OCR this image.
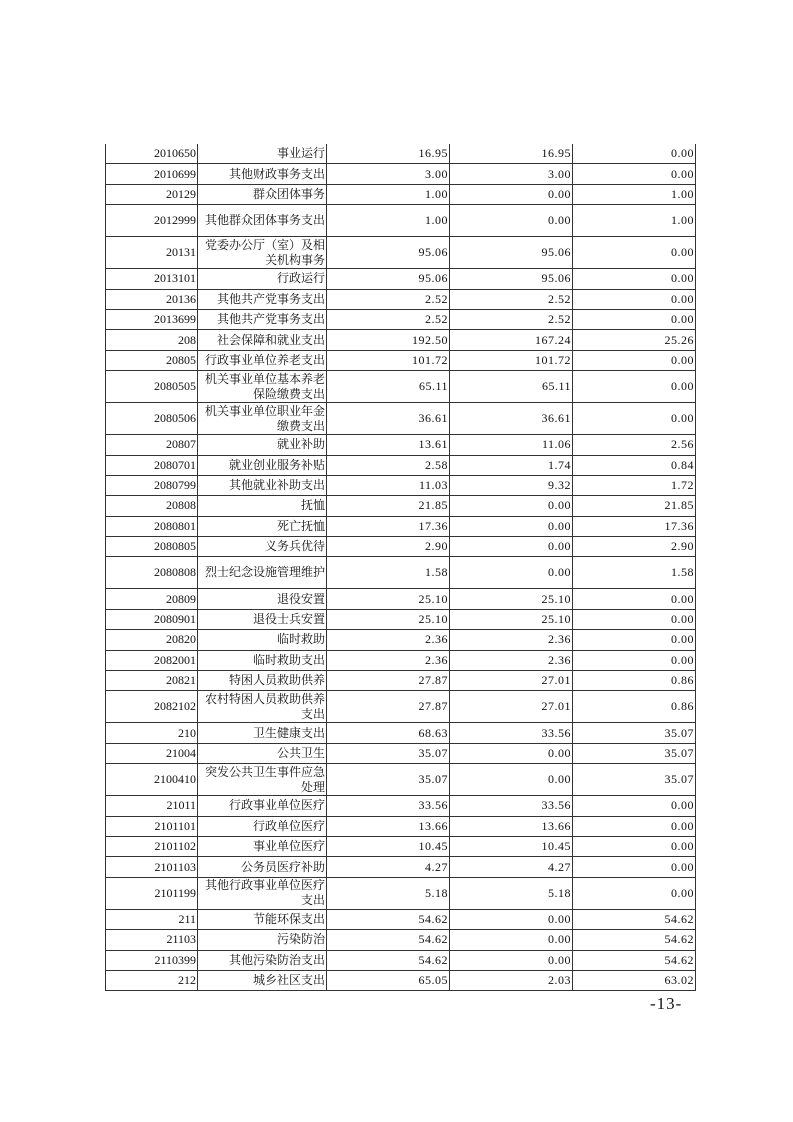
2010650	事业运行	16.95	16.95	0.00
2010699	其他财政事务支出	3.00	3.00	0.00
20129	群众团体事务	1.00	0.00	1.00
2012999	其他群众团体事务支出	1.00	0.00	1.00
20131	党委办公厅（室）及相关机构事务	95.06	95.06	0.00
2013101	行政运行	95.06	95.06	0.00
20136	其他共产党事务支出	2.52	2.52	0.00
2013699	其他共产党事务支出	2.52	2.52	0.00
208	社会保障和就业支出	192.50	167.24	25.26
20805	行政事业单位养老支出	101.72	101.72	0.00
2080505	机关事业单位基本养老保险缴费支出	65.11	65.11	0.00
2080506	机关事业单位职业年金缴费支出	36.61	36.61	0.00
20807	就业补助	13.61	11.06	2.56
2080701	就业创业服务补贴	2.58	1.74	0.84
2080799	其他就业补助支出	11.03	9.32	1.72
20808	抚恤	21.85	0.00	21.85
2080801	死亡抚恤	17.36	0.00	17.36
2080805	义务兵优待	2.90	0.00	2.90
2080808	烈士纪念设施管理维护	1.58	0.00	1.58
20809	退役安置	25.10	25.10	0.00
2080901	退役士兵安置	25.10	25.10	0.00
20820	临时救助	2.36	2.36	0.00
2082001	临时救助支出	2.36	2.36	0.00
20821	特困人员救助供养	27.87	27.01	0.86
2082102	农村特困人员救助供养支出	27.87	27.01	0.86
210	卫生健康支出	68.63	33.56	35.07
21004	公共卫生	35.07	0.00	35.07
2100410	突发公共卫生事件应急处理	35.07	0.00	35.07
21011	行政事业单位医疗	33.56	33.56	0.00
2101101	行政单位医疗	13.66	13.66	0.00
2101102	事业单位医疗	10.45	10.45	0.00
2101103	公务员医疗补助	4.27	4.27	0.00
2101199	其他行政事业单位医疗支出	5.18	5.18	0.00
211	节能环保支出	54.62	0.00	54.62
21103	污染防治	54.62	0.00	54.62
2110399	其他污染防治支出	54.62	0.00	54.62
212	城乡社区支出	65.05	2.03	63.02
-13-
